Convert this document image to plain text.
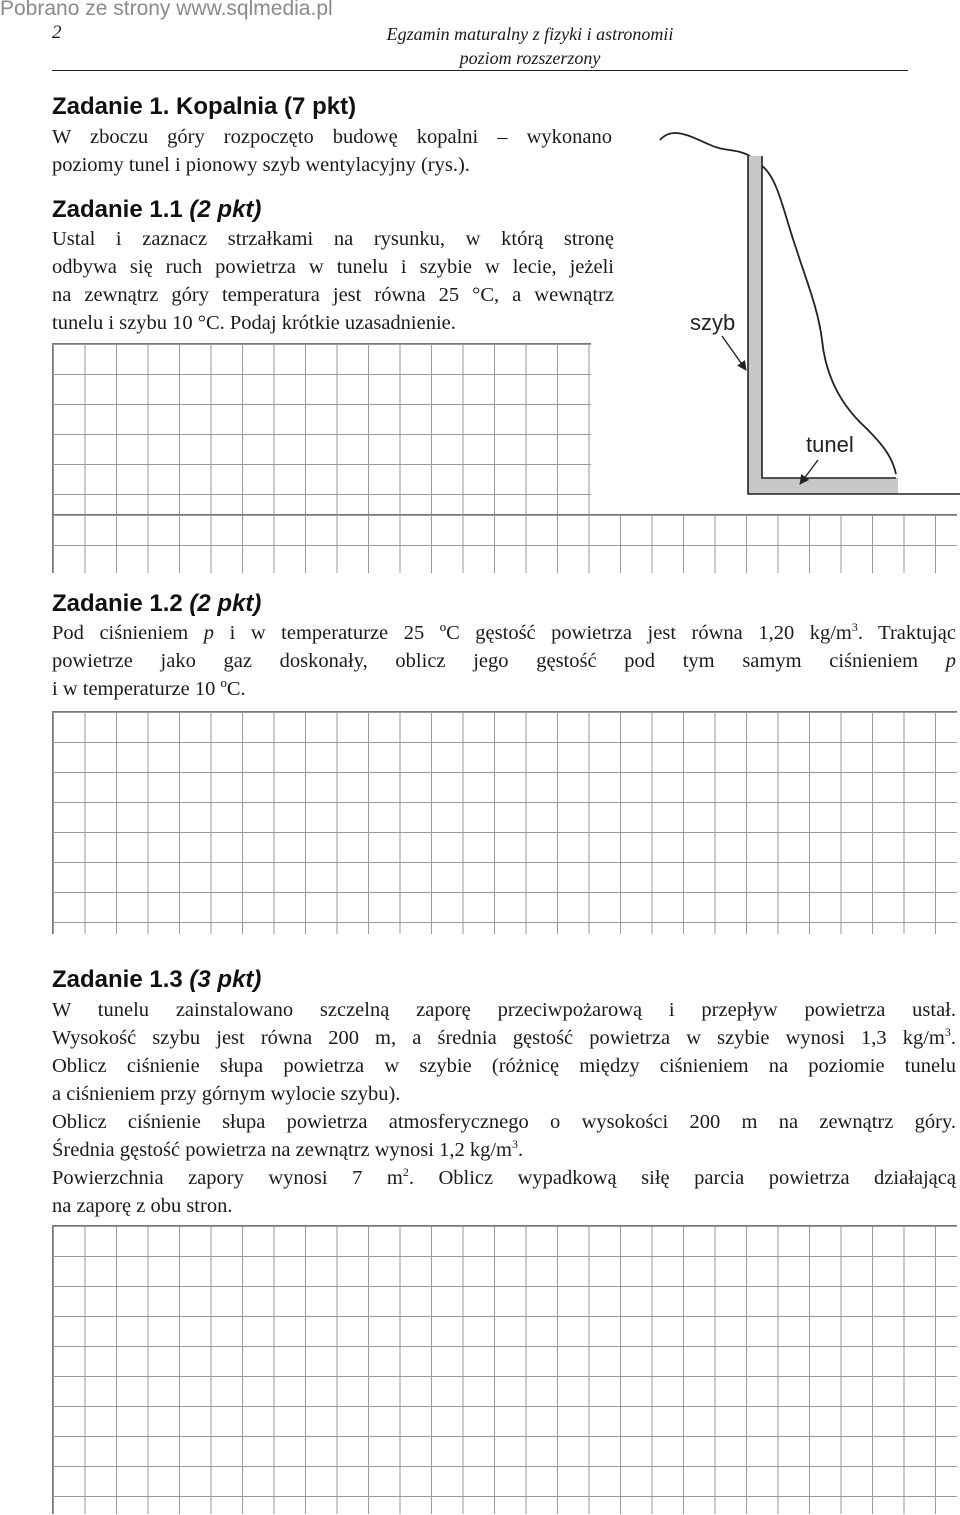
Pobrano ze strony www.sqlmedia.pl
2	Egzamin maturalny z fizyki i astronomii
poziom rozszerzony
Zadanie 1. Kopalnia (7 pkt)
W zboczu góry rozpoczęto budowę kopalni – wykonano
poziomy tunel i pionowy szyb wentylacyjny (rys.).
Zadanie 1.1 (2 pkt)
Ustal i zaznacz strzałkami na rysunku, w którą stronę
odbywa się ruch powietrza w tunelu i szybie w lecie, jeżeli
na zewnątrz góry temperatura jest równa 25 °C, a wewnątrz
tunelu i szybu 10 °C. Podaj krótkie uzasadnienie.	szyb
tunel
Zadanie 1.2 (2 pkt)
Pod ciśnieniem p i w temperaturze 25 ºC gęstość powietrza jest równa 1,20 $kg/m^3$. Traktując
powietrze jako gaz doskonały, oblicz jego gęstość pod tym samym ciśnieniem p
i w temperaturze 10 ºC.
Zadanie 1.3 (3 pkt)
W tunelu zainstalowano szczelną zaporę przeciwpożarową i przepływ powietrza ustał.
Wysokość szybu jest równa 200 m, a średnia gęstość powietrza w szybie wynosi 1,3 $kg/m^3$.
Oblicz ciśnienie słupa powietrza w szybie (różnicę między ciśnieniem na poziomie tunelu
a ciśnieniem przy górnym wylocie szybu).
Oblicz ciśnienie słupa powietrza atmosferycznego o wysokości 200 m na zewnątrz góry.
Średnia gęstość powietrza na zewnątrz wynosi 1,2 $kg/m^3$.
Powierzchnia zapory wynosi 7 $m^2$. Oblicz wypadkową siłę parcia powietrza działającą
na zaporę z obu stron.
